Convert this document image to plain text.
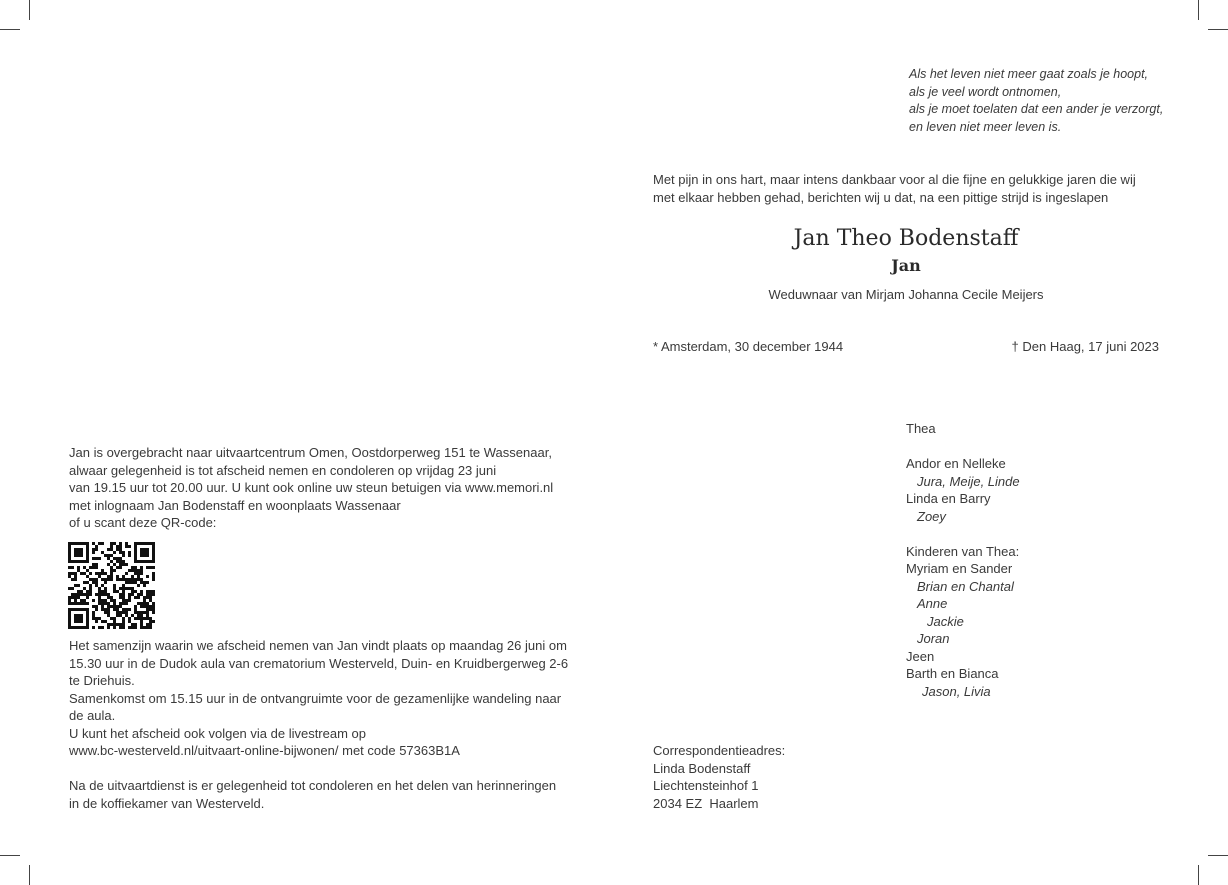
Als het leven niet meer gaat zoals je hoopt,
als je veel wordt ontnomen,
als je moet toelaten dat een ander je verzorgt,
en leven niet meer leven is.
Met pijn in ons hart, maar intens dankbaar voor al die fijne en gelukkige jaren die wij
met elkaar hebben gehad, berichten wij u dat, na een pittige strijd is ingeslapen
Jan Theo Bodenstaff
Jan
Weduwnaar van Mirjam Johanna Cecile Meijers
* Amsterdam, 30 december 1944	† Den Haag, 17 juni 2023
Thea
Andor en Nelleke
Jura, Meije, Linde
Linda en Barry
Zoey
Kinderen van Thea:
Myriam en Sander
Brian en Chantal
Anne
Jackie
Joran
Jeen
Barth en Bianca
Jason, Livia
Correspondentieadres:
Linda Bodenstaff
Liechtensteinhof 1
2034 EZ  Haarlem
Jan is overgebracht naar uitvaartcentrum Omen, Oostdorperweg 151 te Wassenaar,
alwaar gelegenheid is tot afscheid nemen en condoleren op vrijdag 23 juni
van 19.15 uur tot 20.00 uur. U kunt ook online uw steun betuigen via www.memori.nl
met inlognaam Jan Bodenstaff en woonplaats Wassenaar
of u scant deze QR-code:
Het samenzijn waarin we afscheid nemen van Jan vindt plaats op maandag 26 juni om
15.30 uur in de Dudok aula van crematorium Westerveld, Duin- en Kruidbergerweg 2-6
te Driehuis.
Samenkomst om 15.15 uur in de ontvangruimte voor de gezamenlijke wandeling naar
de aula.
U kunt het afscheid ook volgen via de livestream op
www.bc-westerveld.nl/uitvaart-online-bijwonen/ met code 57363B1A
Na de uitvaartdienst is er gelegenheid tot condoleren en het delen van herinneringen
in de koffiekamer van Westerveld.
